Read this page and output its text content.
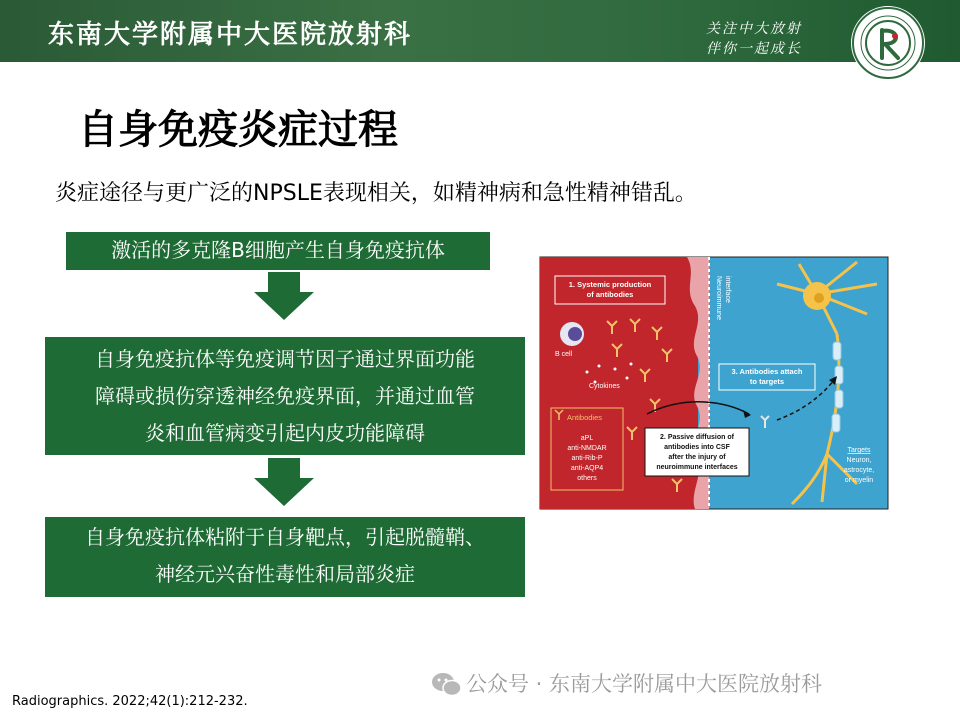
东南大学附属中大医院放射科	关注中大放射
伴你一起成长
自身免疫炎症过程
炎症途径与更广泛的NPSLE表现相关，如精神病和急性精神错乱。
激活的多克隆B细胞产生自身免疫抗体
自身免疫抗体等免疫调节因子通过界面功能
障碍或损伤穿透神经免疫界面，并通过血管
炎和血管病变引起内皮功能障碍
自身免疫抗体粘附于自身靶点，引起脱髓鞘、
神经元兴奋性毒性和局部炎症
1. Systemic production
of antibodies
B cell
Cytokines
Antibodies
aPL
anti-NMDAR
anti-Rib-P
anti-AQP4
others
Neuroimmune interface
3. Antibodies attach
to targets
2. Passive diffusion of
antibodies into CSF
after the injury of
neuroimmune interfaces
Targets
Neuron,
astrocyte,
or myelin
Radiographics. 2022;42(1):212-232.
公众号 · 东南大学附属中大医院放射科
